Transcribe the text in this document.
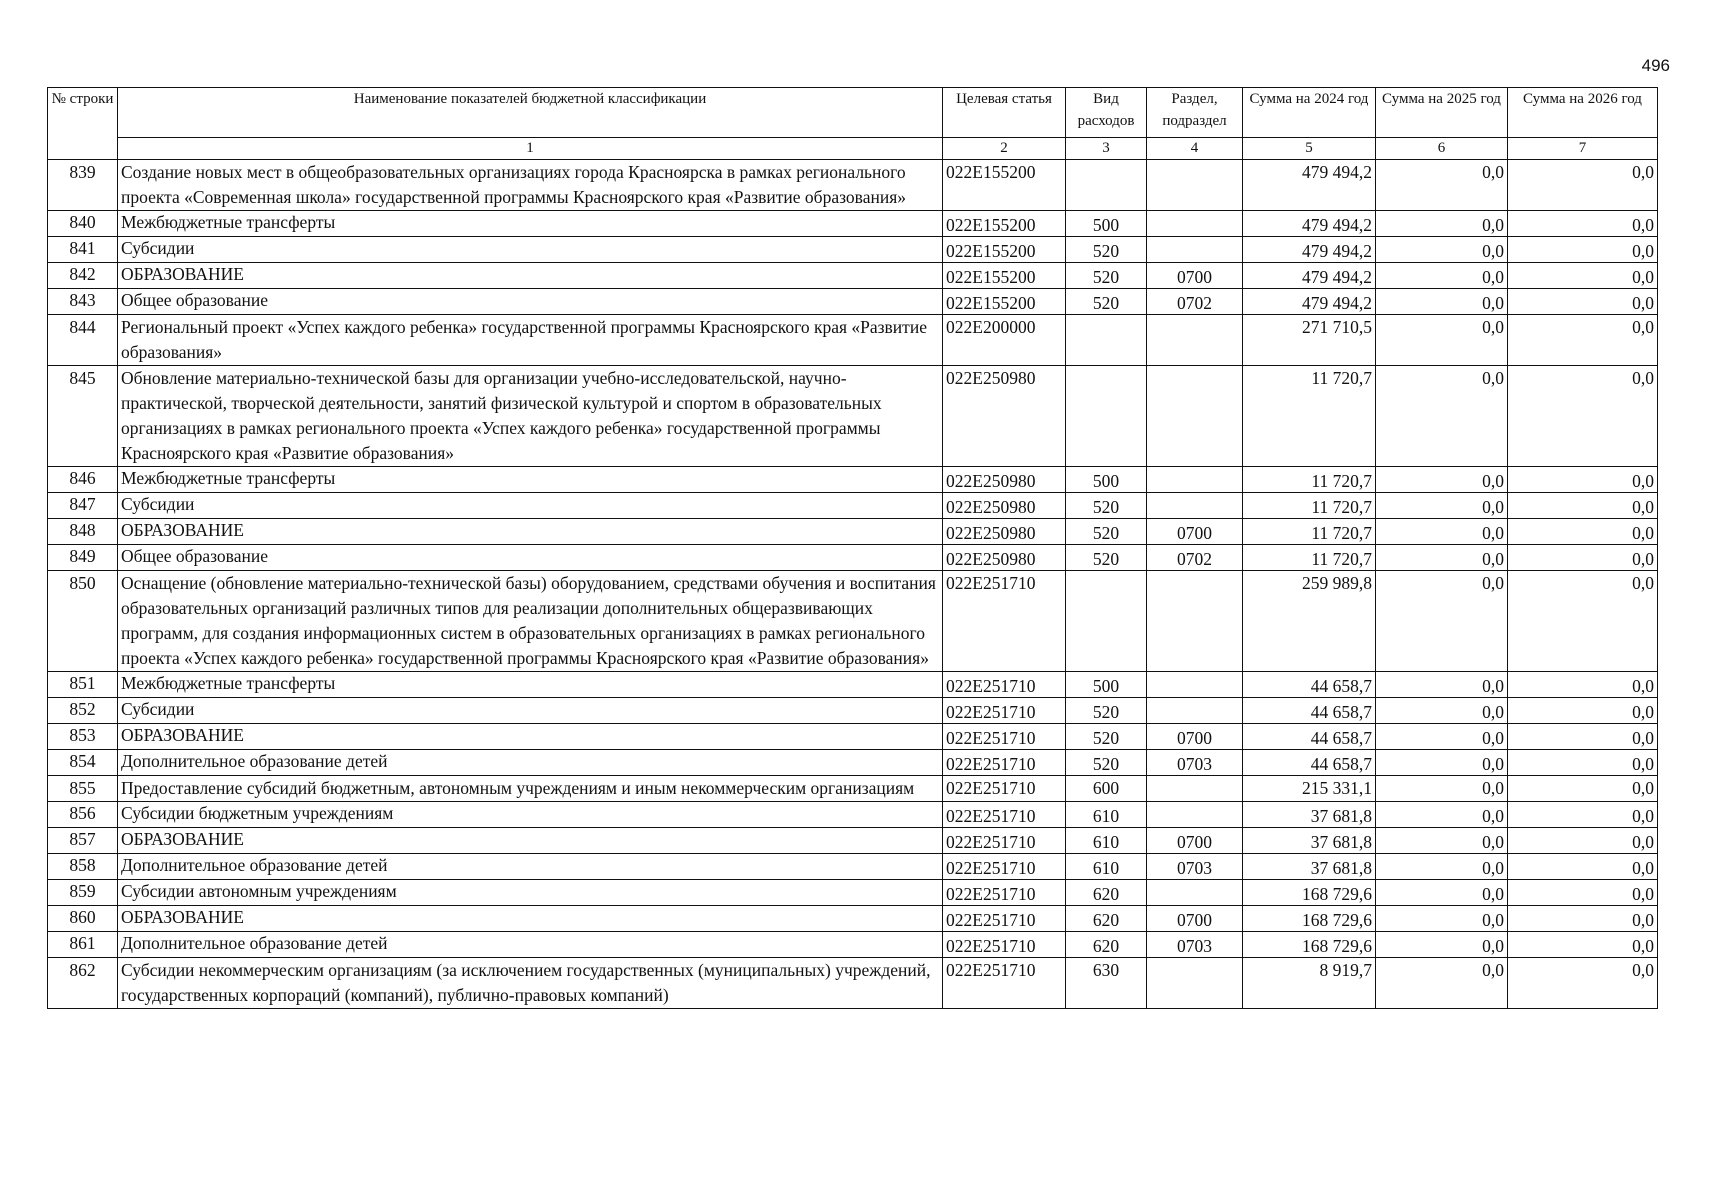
496
№ строки	Наименование показателей бюджетной классификации	Целевая статья	Вид расходов	Раздел, подраздел	Сумма на 2024 год	Сумма на 2025 год	Сумма на 2026 год
	1	2	3	4	5	6	7
839	Создание новых мест в общеобразовательных организациях города Красноярска в рамках регионального проекта «Современная школа» государственной программы Красноярского края «Развитие образования»	022E155200			479 494,2	0,0	0,0
840	Межбюджетные трансферты	022E155200	500		479 494,2	0,0	0,0
841	Субсидии	022E155200	520		479 494,2	0,0	0,0
842	ОБРАЗОВАНИЕ	022E155200	520	0700	479 494,2	0,0	0,0
843	Общее образование	022E155200	520	0702	479 494,2	0,0	0,0
844	Региональный проект «Успех каждого ребенка» государственной программы Красноярского края «Развитие образования»	022E200000			271 710,5	0,0	0,0
845	Обновление материально-технической базы для организации учебно-исследовательской, научно-практической, творческой деятельности, занятий физической культурой и спортом в образовательных организациях в рамках регионального проекта «Успех каждого ребенка» государственной программы Красноярского края «Развитие образования»	022E250980			11 720,7	0,0	0,0
846	Межбюджетные трансферты	022E250980	500		11 720,7	0,0	0,0
847	Субсидии	022E250980	520		11 720,7	0,0	0,0
848	ОБРАЗОВАНИЕ	022E250980	520	0700	11 720,7	0,0	0,0
849	Общее образование	022E250980	520	0702	11 720,7	0,0	0,0
850	Оснащение (обновление материально-технической базы) оборудованием, средствами обучения и воспитания образовательных организаций различных типов для реализации дополнительных общеразвивающих программ, для создания информационных систем в образовательных организациях в рамках регионального проекта «Успех каждого ребенка» государственной программы Красноярского края «Развитие образования»	022E251710			259 989,8	0,0	0,0
851	Межбюджетные трансферты	022E251710	500		44 658,7	0,0	0,0
852	Субсидии	022E251710	520		44 658,7	0,0	0,0
853	ОБРАЗОВАНИЕ	022E251710	520	0700	44 658,7	0,0	0,0
854	Дополнительное образование детей	022E251710	520	0703	44 658,7	0,0	0,0
855	Предоставление субсидий бюджетным, автономным учреждениям и иным некоммерческим организациям	022E251710	600		215 331,1	0,0	0,0
856	Субсидии бюджетным учреждениям	022E251710	610		37 681,8	0,0	0,0
857	ОБРАЗОВАНИЕ	022E251710	610	0700	37 681,8	0,0	0,0
858	Дополнительное образование детей	022E251710	610	0703	37 681,8	0,0	0,0
859	Субсидии автономным учреждениям	022E251710	620		168 729,6	0,0	0,0
860	ОБРАЗОВАНИЕ	022E251710	620	0700	168 729,6	0,0	0,0
861	Дополнительное образование детей	022E251710	620	0703	168 729,6	0,0	0,0
862	Субсидии некоммерческим организациям (за исключением государственных (муниципальных) учреждений, государственных корпораций (компаний), публично-правовых компаний)	022E251710	630		8 919,7	0,0	0,0
